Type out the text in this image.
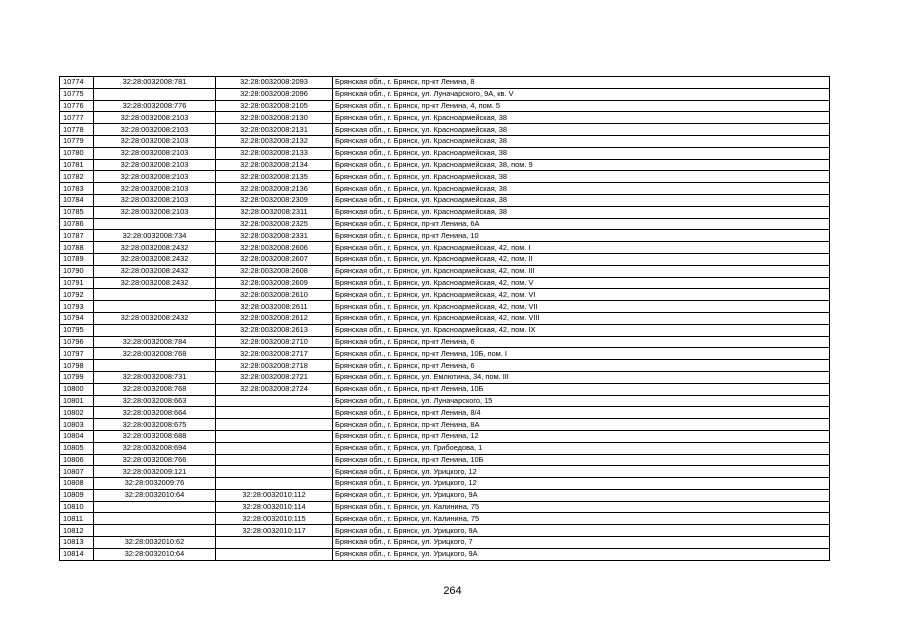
10774	32:28:0032008:781	32:28:0032008:2093	Брянская обл., г. Брянск, пр-кт Ленина, 8
10775		32:28:0032008:2096	Брянская обл., г. Брянск, ул. Луначарского, 9А, кв. V
10776	32:28:0032008:776	32:28:0032008:2105	Брянская обл., г. Брянск, пр-кт Ленина, 4, пом. 5
10777	32:28:0032008:2103	32:28:0032008:2130	Брянская обл., г. Брянск, ул. Красноармейская, 38
10778	32:28:0032008:2103	32:28:0032008:2131	Брянская обл., г. Брянск, ул. Красноармейская, 38
10779	32:28:0032008:2103	32:28:0032008:2132	Брянская обл., г. Брянск, ул. Красноармейская, 38
10780	32:28:0032008:2103	32:28:0032008:2133	Брянская обл., г. Брянск, ул. Красноармейская, 38
10781	32:28:0032008:2103	32:28:0032008:2134	Брянская обл., г. Брянск, ул. Красноармейская, 38, пом. 9
10782	32:28:0032008:2103	32:28:0032008:2135	Брянская обл., г. Брянск, ул. Красноармейская, 38
10783	32:28:0032008:2103	32:28:0032008:2136	Брянская обл., г. Брянск, ул. Красноармейская, 38
10784	32:28:0032008:2103	32:28:0032008:2309	Брянская обл., г. Брянск, ул. Красноармейская, 38
10785	32:28:0032008:2103	32:28:0032008:2311	Брянская обл., г. Брянск, ул. Красноармейская, 38
10786		32:28:0032008:2325	Брянская обл., г. Брянск, пр-кт Ленина, 6А
10787	32:28:0032008:734	32:28:0032008:2331	Брянская обл., г. Брянск, пр-кт Ленина, 10
10788	32:28:0032008:2432	32:28:0032008:2606	Брянская обл., г. Брянск, ул. Красноармейская, 42, пом. I
10789	32:28:0032008:2432	32:28:0032008:2607	Брянская обл., г. Брянск, ул. Красноармейская, 42, пом. II
10790	32:28:0032008:2432	32:28:0032008:2608	Брянская обл., г. Брянск, ул. Красноармейская, 42, пом. III
10791	32:28:0032008:2432	32:28:0032008:2609	Брянская обл., г. Брянск, ул. Красноармейская, 42, пом. V
10792		32:28:0032008:2610	Брянская обл., г. Брянск, ул. Красноармейская, 42, пом. VI
10793		32:28:0032008:2611	Брянская обл., г. Брянск, ул. Красноармейская, 42, пом. VII
10794	32:28:0032008:2432	32:28:0032008:2612	Брянская обл., г. Брянск, ул. Красноармейская, 42, пом. VIII
10795		32:28:0032008:2613	Брянская обл., г. Брянск, ул. Красноармейская, 42, пом. IX
10796	32:28:0032008:784	32:28:0032008:2710	Брянская обл., г. Брянск, пр-кт Ленина, 6
10797	32:28:0032008:768	32:28:0032008:2717	Брянская обл., г. Брянск, пр-кт Ленина, 10Б, пом. I
10798		32:28:0032008:2718	Брянская обл., г. Брянск, пр-кт Ленина, 6
10799	32:28:0032008:731	32:28:0032008:2721	Брянская обл., г. Брянск, ул. Емлютина, 34, пом. III
10800	32:28:0032008:768	32:28:0032008:2724	Брянская обл., г. Брянск, пр-кт Ленина, 10Б
10801	32:28:0032008:663		Брянская обл., г. Брянск, ул. Луначарского, 15
10802	32:28:0032008:664		Брянская обл., г. Брянск, пр-кт Ленина, 8/4
10803	32:28:0032008:675		Брянская обл., г. Брянск, пр-кт Ленина, 8А
10804	32:28:0032008:688		Брянская обл., г. Брянск, пр-кт Ленина, 12
10805	32:28:0032008:694		Брянская обл., г. Брянск, ул. Грибоедова, 1
10806	32:28:0032008:766		Брянская обл., г. Брянск, пр-кт Ленина, 10Б
10807	32:28:0032009:121		Брянская обл., г. Брянск, ул. Урицкого, 12
10808	32:28:0032009:76		Брянская обл., г. Брянск, ул. Урицкого, 12
10809	32:28:0032010:64	32:28:0032010:112	Брянская обл., г. Брянск, ул. Урицкого, 9А
10810		32:28:0032010:114	Брянская обл., г. Брянск, ул. Калинина, 75
10811		32:28:0032010:115	Брянская обл., г. Брянск, ул. Калинина, 75
10812		32:28:0032010:117	Брянская обл., г. Брянск, ул. Урицкого, 9А
10813	32:28:0032010:62		Брянская обл., г. Брянск, ул. Урицкого, 7
10814	32:28:0032010:64		Брянская обл., г. Брянск, ул. Урицкого, 9А
264
